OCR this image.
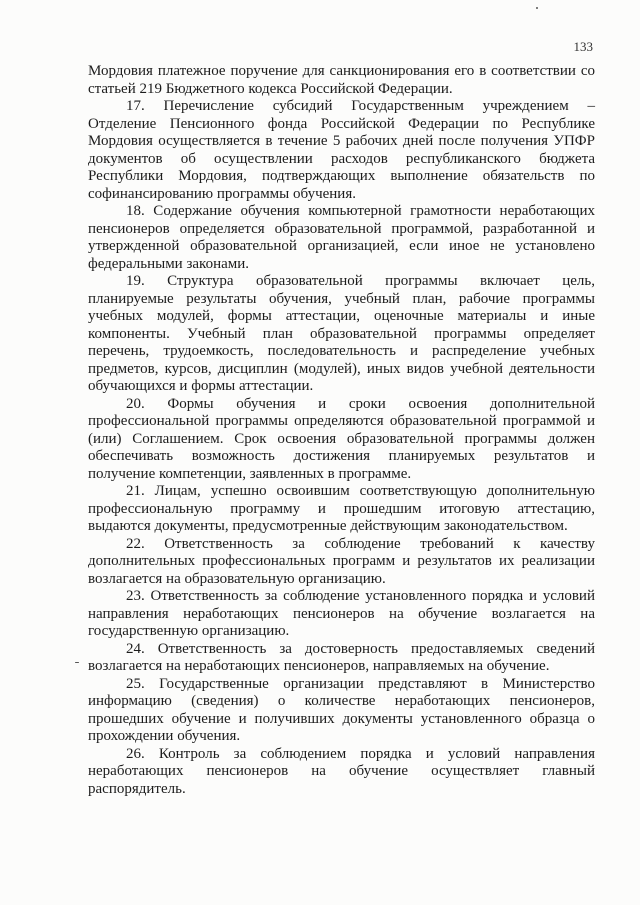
133
Мордовия платежное поручение для санкционирования его в соответствии со
статьей 219 Бюджетного кодекса Российской Федерации.
17. Перечисление субсидий Государственным учреждением –
Отделение Пенсионного фонда Российской Федерации по Республике
Мордовия осуществляется в течение 5 рабочих дней после получения УПФР
документов об осуществлении расходов республиканского бюджета
Республики Мордовия, подтверждающих выполнение обязательств по
софинансированию программы обучения.
18. Содержание обучения компьютерной грамотности неработающих
пенсионеров определяется образовательной программой, разработанной и
утвержденной образовательной организацией, если иное не установлено
федеральными законами.
19. Структура образовательной программы включает цель,
планируемые результаты обучения, учебный план, рабочие программы
учебных модулей, формы аттестации, оценочные материалы и иные
компоненты. Учебный план образовательной программы определяет
перечень, трудоемкость, последовательность и распределение учебных
предметов, курсов, дисциплин (модулей), иных видов учебной деятельности
обучающихся и формы аттестации.
20. Формы обучения и сроки освоения дополнительной
профессиональной программы определяются образовательной программой и
(или) Соглашением. Срок освоения образовательной программы должен
обеспечивать возможность достижения планируемых результатов и
получение компетенции, заявленных в программе.
21. Лицам, успешно освоившим соответствующую дополнительную
профессиональную программу и прошедшим итоговую аттестацию,
выдаются документы, предусмотренные действующим законодательством.
22. Ответственность за соблюдение требований к качеству
дополнительных профессиональных программ и результатов их реализации
возлагается на образовательную организацию.
23. Ответственность за соблюдение установленного порядка и условий
направления неработающих пенсионеров на обучение возлагается на
государственную организацию.
24. Ответственность за достоверность предоставляемых сведений
возлагается на неработающих пенсионеров, направляемых на обучение.
25. Государственные организации представляют в Министерство
информацию (сведения) о количестве неработающих пенсионеров,
прошедших обучение и получивших документы установленного образца о
прохождении обучения.
26. Контроль за соблюдением порядка и условий направления
неработающих пенсионеров на обучение осуществляет главный
распорядитель.
